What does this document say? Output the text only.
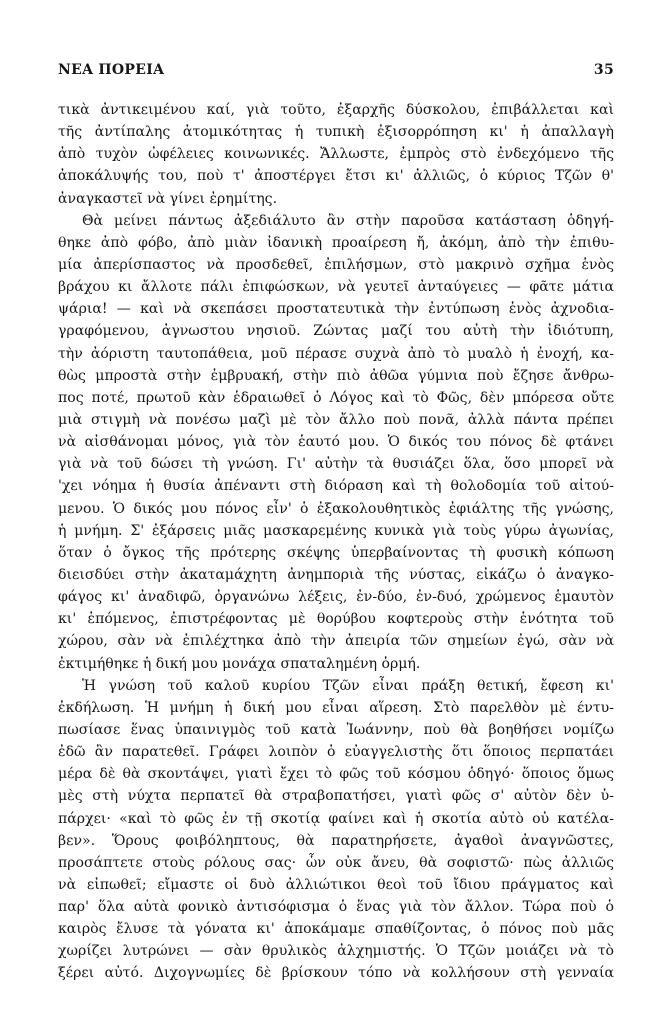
ΝΕΑ ΠΟΡΕΙΑ	35
τικὰ ἀντικειμένου καί, γιὰ τοῦτο, ἐξαρχῆς δύσκολου, ἐπιβάλλεται καὶ
τῆς ἀντίπαλης ἀτομικότητας ἡ τυπικὴ ἐξισορρόπηση κι' ἡ ἀπαλλαγὴ
ἀπὸ τυχὸν ὠφέλειες κοινωνικές. Ἄλλωστε, ἐμπρὸς στὸ ἐνδεχόμενο τῆς
ἀποκάλυψής του, ποὺ τ' ἀποστέργει ἔτσι κι' ἀλλιῶς, ὁ κύριος Τζῶν θ'
ἀναγκαστεῖ νὰ γίνει ἐρημίτης.
Θὰ μείνει πάντως ἀξεδιάλυτο ἂν στὴν παροῦσα κατάσταση ὁδηγή-
θηκε ἀπὸ φόβο, ἀπὸ μιὰν ἰδανικὴ προαίρεση ἤ, ἀκόμη, ἀπὸ τὴν ἐπιθυ-
μία ἀπερίσπαστος νὰ προσδεθεῖ, ἐπιλήσμων, στὸ μακρινὸ σχῆμα ἑνὸς
βράχου κι ἄλλοτε πάλι ἐπιφώσκων, νὰ γευτεῖ ἀνταύγειες — φᾶτε μάτια
ψάρια! — καὶ νὰ σκεπάσει προστατευτικὰ τὴν ἐντύπωση ἑνὸς ἀχνοδια-
γραφόμενου, ἀγνωστου νησιοῦ. Ζώντας μαζί του αὐτὴ τὴν ἰδιότυπη,
τὴν ἀόριστη ταυτοπάθεια, μοῦ πέρασε συχνὰ ἀπὸ τὸ μυαλὸ ἡ ἐνοχή, κα-
θὼς μπροστὰ στὴν ἐμβρυακή, στὴν πιὸ ἀθῶα γύμνια ποὺ ἔζησε ἄνθρω-
πος ποτέ, πρωτοῦ κὰν ἑδραιωθεῖ ὁ Λόγος καὶ τὸ Φῶς, δὲν μπόρεσα οὔτε
μιὰ στιγμὴ νὰ πονέσω μαζὶ μὲ τὸν ἄλλο ποὺ πονᾶ, ἀλλὰ πάντα πρέπει
νὰ αἰσθάνομαι μόνος, γιὰ τὸν ἑαυτό μου. Ὁ δικός του πόνος δὲ φτάνει
γιὰ νὰ τοῦ δώσει τὴ γνώση. Γι' αὐτὴν τὰ θυσιάζει ὅλα, ὅσο μπορεῖ νὰ
'χει νόημα ἡ θυσία ἀπέναντι στὴ διόραση καὶ τὴ θολοδομία τοῦ αἰτού-
μενου. Ὁ δικός μου πόνος εἶν' ὁ ἐξακολουθητικὸς ἐφιάλτης τῆς γνώσης,
ἡ μνήμη. Σ' ἐξάρσεις μιᾶς μασκαρεμένης κυνικὰ γιὰ τοὺς γύρω ἀγωνίας,
ὅταν ὁ ὄγκος τῆς πρότερης σκέψης ὑπερβαίνοντας τὴ φυσικὴ κόπωση
διεισδύει στὴν ἀκαταμάχητη ἀνημποριὰ τῆς νύστας, εἰκάζω ὁ ἀναγκο-
φάγος κι' ἀναδιφῶ, ὀργανώνω λέξεις, ἐν-δύο, ἐν-δυό, χρώμενος ἑμαυτὸν
κι' ἑπόμενος, ἐπιστρέφοντας μὲ θορύβου κοφτεροὺς στὴν ἑνότητα τοῦ
χώρου, σὰν νὰ ἐπιλέχτηκα ἀπὸ τὴν ἀπειρία τῶν σημείων ἐγώ, σὰν νὰ
ἐκτιμήθηκε ἡ δική μου μονάχα σπαταλημένη ὁρμή.
Ἡ γνώση τοῦ καλοῦ κυρίου Τζῶν εἶναι πράξη θετική, ἔφεση κι'
ἐκδήλωση. Ἡ μνήμη ἡ δική μου εἶναι αἵρεση. Στὸ παρελθὸν μὲ έντυ-
πωσίασε ἕνας ὑπαινιγμὸς τοῦ κατὰ Ἰωάννην, ποὺ θὰ βοηθήσει νομίζω
ἐδῶ ἂν παρατεθεῖ. Γράφει λοιπὸν ὁ εὐαγγελιστὴς ὅτι ὅποιος περπατάει
μέρα δὲ θὰ σκοντάψει, γιατὶ ἔχει τὸ φῶς τοῦ κόσμου ὁδηγό· ὅποιος ὅμως
μὲς στὴ νύχτα περπατεῖ θὰ στραβοπατήσει, γιατὶ φῶς σ' αὐτὸν δὲν ὑ-
πάρχει· «καὶ τὸ φῶς ἐν τῇ σκοτίᾳ φαίνει καὶ ἡ σκοτία αὐτὸ οὐ κατέλα-
βεν». Ὅρους φοιβόληπτους, θὰ παρατηρήσετε, ἀγαθοὶ ἀναγνῶστες,
προσάπτετε στοὺς ρόλους σας· ὧν οὐκ ἄνευ, θὰ σοφιστῶ· πὼς ἀλλιῶς
νὰ εἰπωθεῖ; εἴμαστε οἱ δυὸ ἀλλιώτικοι θεοὶ τοῦ ἴδιου πράγματος καὶ
παρ' ὅλα αὐτὰ φονικὸ ἀντισόφισμα ὁ ἕνας γιὰ τὸν ἄλλον. Τώρα ποὺ ὁ
καιρὸς ἔλυσε τὰ γόνατα κι' ἀποκάμαμε σπαθίζοντας, ὁ πόνος ποὺ μᾶς
χωρίζει λυτρώνει — σὰν θρυλικὸς ἀλχημιστής. Ὁ Τζῶν μοιάζει νὰ τὸ
ξέρει αὐτό. Διχογνωμίες δὲ βρίσκουν τόπο νὰ κολλήσουν στὴ γενναία
